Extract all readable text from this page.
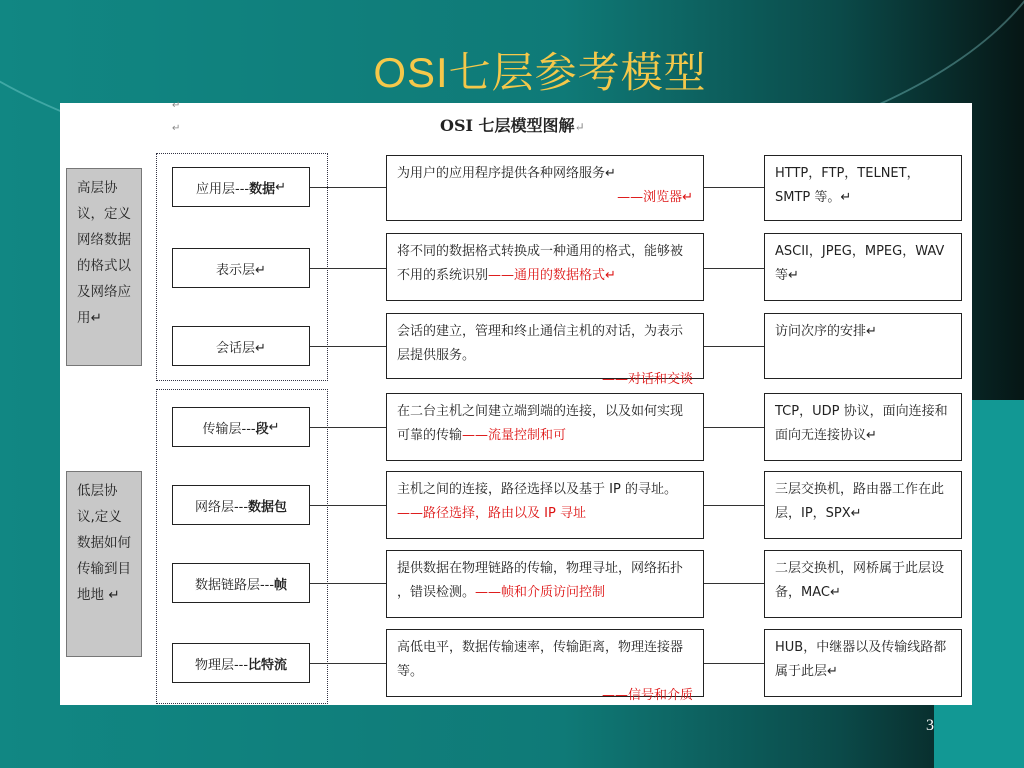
OSI七层参考模型
↵
↵	OSI 七层模型图解↵
高层协议，定义网络数据的格式以及网络应用↵
低层协议,定义数据如何传输到目地地 ↵
应用层--- 数据 ↵
为用户的应用程序提供各种网络服务↵
——浏览器↵
HTTP，FTP，TELNET，SMTP 等。↵
表示层↵
将不同的数据格式转换成一种通用的格式，能够被不用的系统识别——通用的数据格式↵
ASCII，JPEG，MPEG，WAV 等↵
会话层↵
会话的建立，管理和终止通信主机的对话，为表示层提供服务。
——对话和交谈
访问次序的安排↵
传输层--- 段 ↵
在二台主机之间建立端到端的连接，以及如何实现可靠的传输——流量控制和可
TCP，UDP 协议，面向连接和面向无连接协议↵
网络层--- 数据包
主机之间的连接，路径选择以及基于 IP 的寻址。——路径选择，路由以及 IP 寻址
三层交换机，路由器工作在此层，IP，SPX↵
数据链路层--- 帧
提供数据在物理链路的传输，物理寻址，网络拓扑 ，错误检测。——帧和介质访问控制
二层交换机，网桥属于此层设备，MAC↵
物理层--- 比特流
高低电平，数据传输速率，传输距离，物理连接器等。
——信号和介质
HUB，中继器以及传输线路都属于此层↵
3
